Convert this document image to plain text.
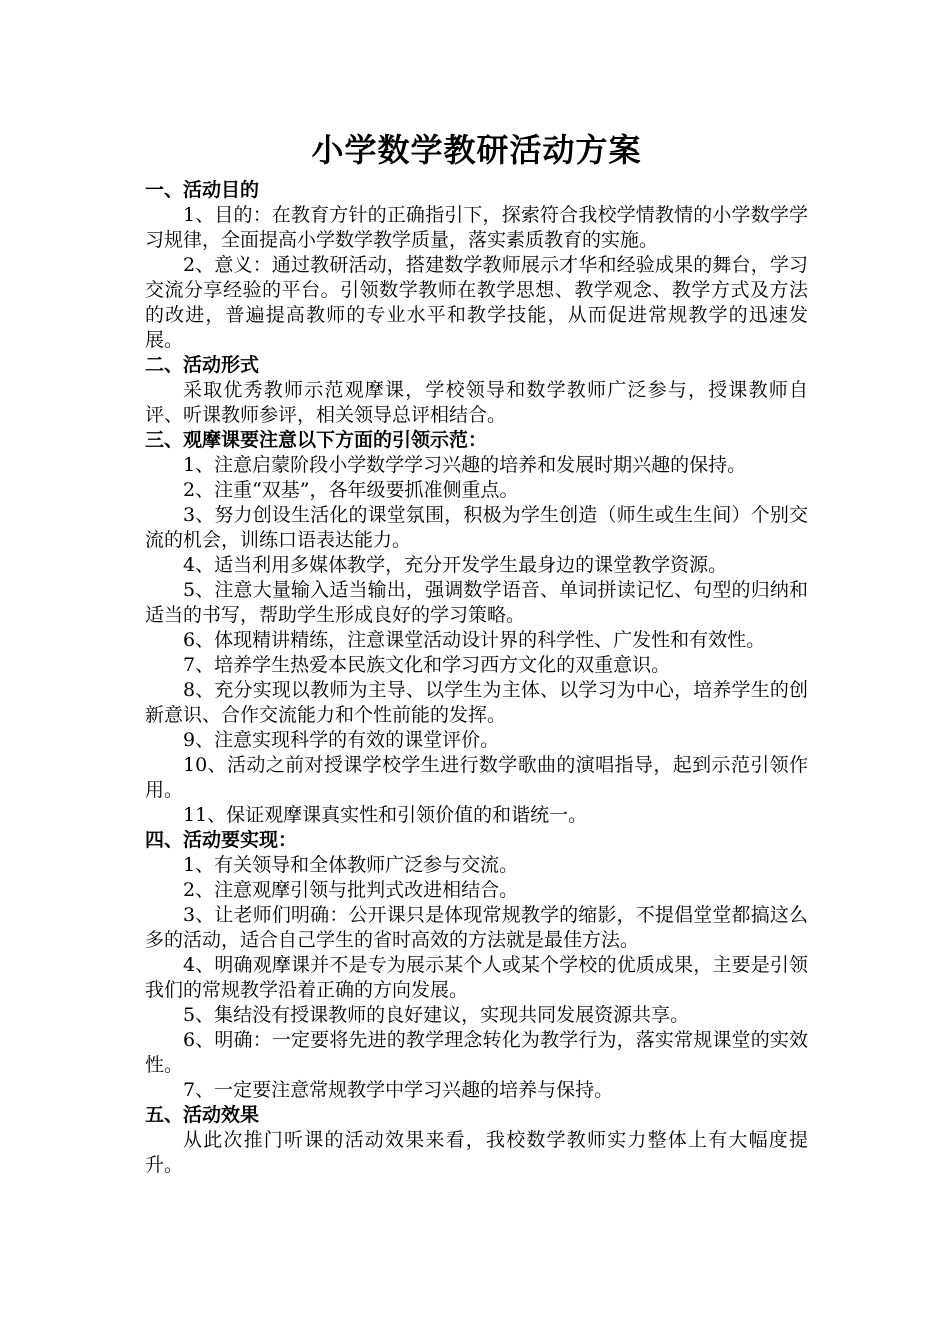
小学数学教研活动方案
一、活动目的

1、目的：在教育方针的正确指引下，探索符合我校学情教情的小学数学学习规律，全面提高小学数学教学质量，落实素质教育的实施。

2、意义：通过教研活动，搭建数学教师展示才华和经验成果的舞台，学习交流分享经验的平台。引领数学教师在教学思想、教学观念、教学方式及方法的改进，普遍提高教师的专业水平和教学技能，从而促进常规教学的迅速发展。

二、活动形式

采取优秀教师示范观摩课，学校领导和数学教师广泛参与，授课教师自评、听课教师参评，相关领导总评相结合。

三、观摩课要注意以下方面的引领示范：

1、注意启蒙阶段小学数学学习兴趣的培养和发展时期兴趣的保持。

2、注重“双基”，各年级要抓准侧重点。

3、努力创设生活化的课堂氛围，积极为学生创造（师生或生生间）个别交流的机会，训练口语表达能力。

4、适当利用多媒体教学，充分开发学生最身边的课堂教学资源。

5、注意大量输入适当输出，强调数学语音、单词拼读记忆、句型的归纳和适当的书写，帮助学生形成良好的学习策略。

6、体现精讲精练，注意课堂活动设计界的科学性、广发性和有效性。

7、培养学生热爱本民族文化和学习西方文化的双重意识。

8、充分实现以教师为主导、以学生为主体、以学习为中心，培养学生的创新意识、合作交流能力和个性前能的发挥。

9、注意实现科学的有效的课堂评价。

10、活动之前对授课学校学生进行数学歌曲的演唱指导，起到示范引领作用。

11、保证观摩课真实性和引领价值的和谐统一。

四、活动要实现：

1、有关领导和全体教师广泛参与交流。

2、注意观摩引领与批判式改进相结合。

3、让老师们明确：公开课只是体现常规教学的缩影，不提倡堂堂都搞这么多的活动，适合自己学生的省时高效的方法就是最佳方法。

4、明确观摩课并不是专为展示某个人或某个学校的优质成果，主要是引领我们的常规教学沿着正确的方向发展。

5、集结没有授课教师的良好建议，实现共同发展资源共享。

6、明确：一定要将先进的教学理念转化为教学行为，落实常规课堂的实效性。

7、一定要注意常规教学中学习兴趣的培养与保持。

五、活动效果

从此次推门听课的活动效果来看，我校数学教师实力整体上有大幅度提升。
